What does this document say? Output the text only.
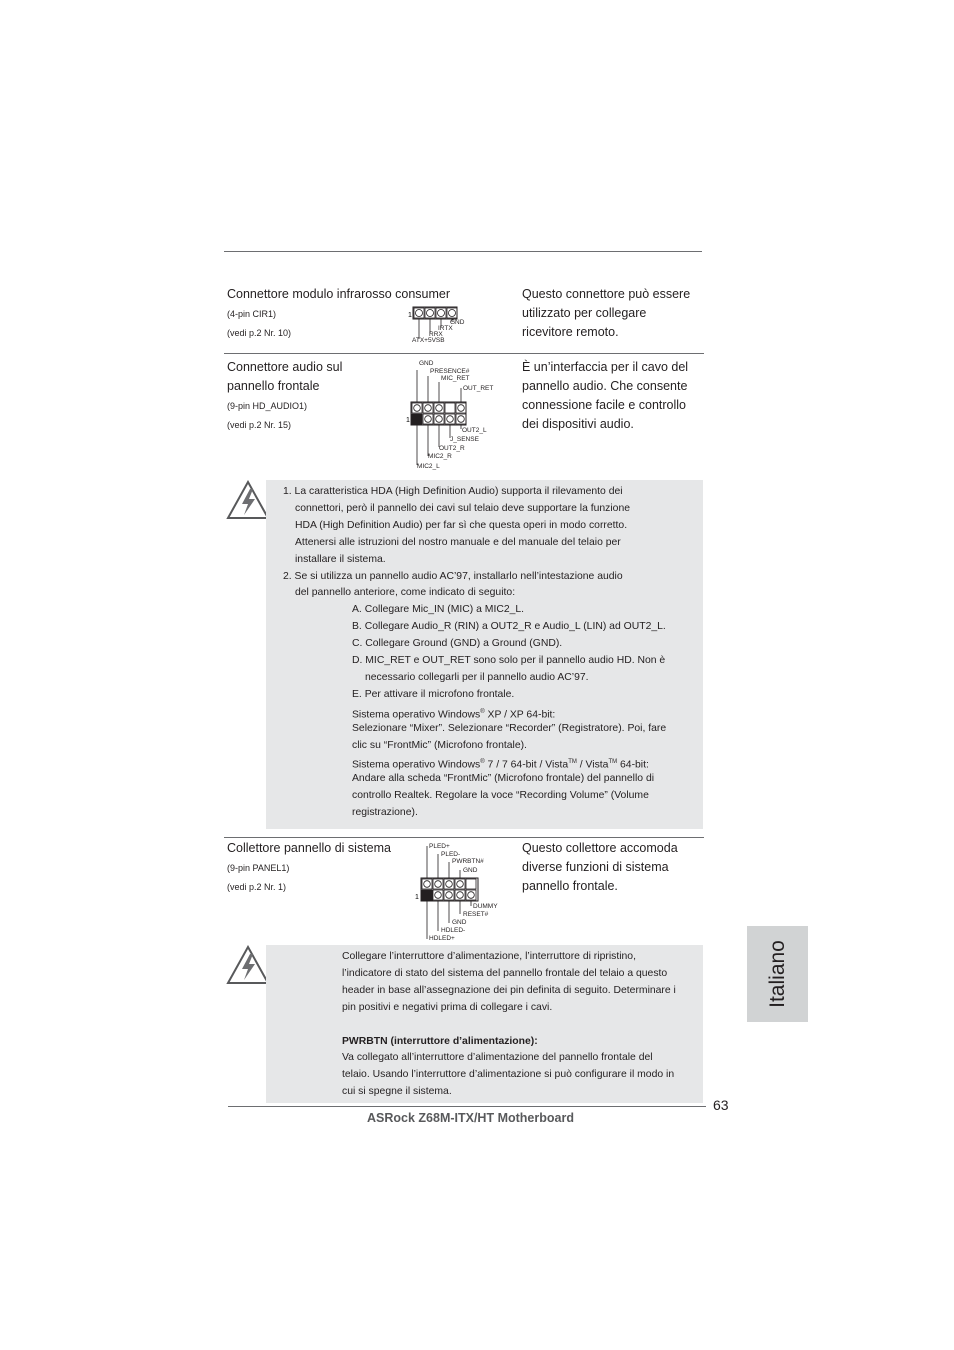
Connettore modulo infrarosso consumer
(4-pin CIR1)
(vedi p.2 Nr. 10)
Questo connettore può essere
utilizzato per collegare
ricevitore remoto.
1
GND
IRTX
RRX
ATX+5VSB
Connettore audio sul
pannello frontale
(9-pin HD_AUDIO1)
(vedi p.2 Nr. 15)
È un’interfaccia per il cavo del
pannello audio. Che consente
connessione facile e controllo
dei dispositivi audio.
1
GND
PRESENCE#
MIC_RET
OUT_RET
OUT2_L
J_SENSE
OUT2_R
MIC2_R
MIC2_L
1. La caratteristica HDA (High Definition Audio) supporta il rilevamento dei
connettori, però il pannello dei cavi sul telaio deve supportare la funzione
HDA (High Definition Audio) per far sì che questa operi in modo corretto.
Attenersi alle istruzioni del nostro manuale e del manuale del telaio per
installare il sistema.
2. Se si utilizza un pannello audio AC’97, installarlo nell’intestazione audio
del pannello anteriore, come indicato di seguito:
A. Collegare Mic_IN (MIC) a MIC2_L.
B. Collegare Audio_R (RIN) a OUT2_R e Audio_L (LIN) ad OUT2_L.
C. Collegare Ground (GND) a Ground (GND).
D. MIC_RET e OUT_RET sono solo per il pannello audio HD. Non è
necessario collegarli per il pannello audio AC’97.
E. Per attivare il microfono frontale.
Sistema operativo Windows® XP / XP 64-bit:
Selezionare “Mixer”. Selezionare “Recorder” (Registratore). Poi, fare
clic su “FrontMic” (Microfono frontale).
Sistema operativo Windows® 7 / 7 64-bit / Vista™ / Vista™ 64-bit:
Andare alla scheda “FrontMic” (Microfono frontale) del pannello di
controllo Realtek. Regolare la voce “Recording Volume” (Volume
registrazione).
Collettore pannello di sistema
(9-pin PANEL1)
(vedi p.2 Nr. 1)
Questo collettore accomoda
diverse funzioni di sistema
pannello frontale.
1
PLED+
PLED-
PWRBTN#
GND
DUMMY
RESET#
GND
HDLED-
HDLED+
Collegare l’interruttore d’alimentazione, l’interruttore di ripristino,
l’indicatore di stato del sistema del pannello frontale del telaio a questo
header in base all’assegnazione dei pin definita di seguito. Determinare i
pin positivi e negativi prima di collegare i cavi.
PWRBTN (interruttore d’alimentazione):
Va collegato all’interruttore d’alimentazione del pannello frontale del
telaio. Usando l’interruttore d’alimentazione si può configurare il modo in
cui si spegne il sistema.
Italiano
63
ASRock Z68M-ITX/HT Motherboard
